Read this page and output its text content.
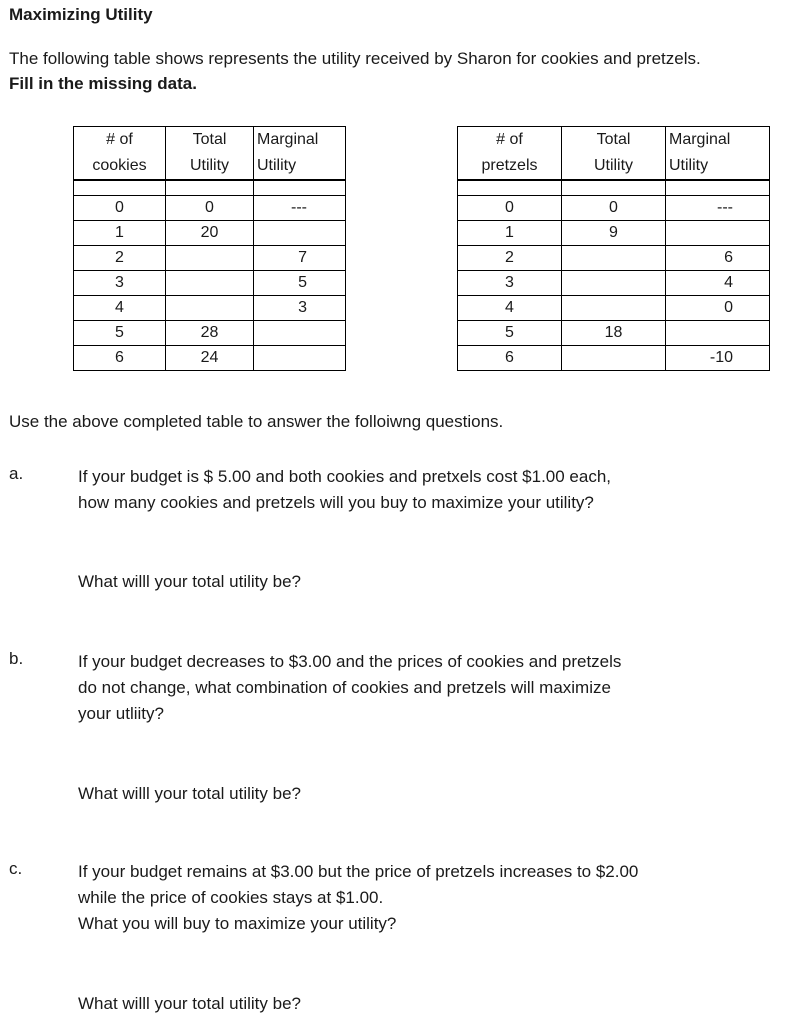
Maximizing Utility
The following table shows represents the utility received by Sharon for cookies and pretzels.
Fill in the missing data.
# of	Total	Marginal
cookies	Utility	Utility

0	0	---
1	20	
2		7
3		5
4		3
5	28	
6	24	
# of	Total	Marginal
pretzels	Utility	Utility

0	0	---
1	9	
2		6
3		4
4		0
5	18	
6		-10
Use the above completed table to answer the folloiwng questions.
a.	If your budget is $ 5.00 and both cookies and pretxels cost $1.00 each,
how many cookies and pretzels will you buy to maximize your utility?
What willl your total utility be?
b.	If your budget decreases to $3.00 and the prices of cookies and pretzels
do not change, what combination of cookies and pretzels will maximize
your utliity?
What willl your total utility be?
c.	If your budget remains at $3.00 but the price of pretzels increases to $2.00
while the price of cookies stays at $1.00.
What you will buy to maximize your utility?
What willl your total utility be?
